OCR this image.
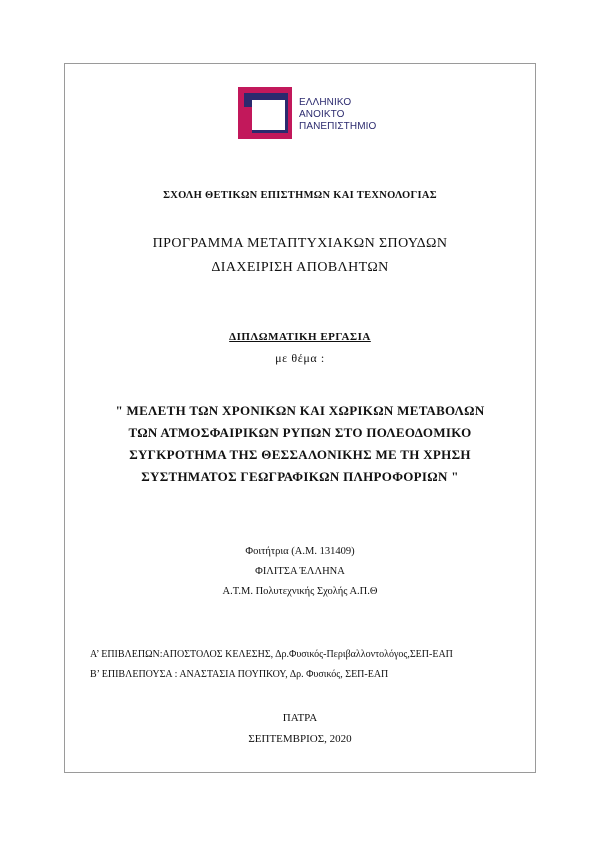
ΕΛΛΗΝΙΚΟ
ΑΝΟΙΚΤΟ
ΠΑΝΕΠΙΣΤΗΜΙΟ
ΣΧΟΛΗ ΘΕΤΙΚΩΝ ΕΠΙΣΤΗΜΩΝ ΚΑΙ ΤΕΧΝΟΛΟΓΙΑΣ
ΠΡΟΓΡΑΜΜΑ ΜΕΤΑΠΤΥΧΙΑΚΩΝ ΣΠΟΥΔΩΝ
ΔΙΑΧΕΙΡΙΣΗ ΑΠΟΒΛΗΤΩΝ
ΔΙΠΛΩΜΑΤΙΚΗ ΕΡΓΑΣΙΑ
με θέμα :
" ΜΕΛΕΤΗ ΤΩΝ ΧΡΟΝΙΚΩΝ ΚΑΙ ΧΩΡΙΚΩΝ ΜΕΤΑΒΟΛΩΝ
ΤΩΝ ΑΤΜΟΣΦΑΙΡΙΚΩΝ ΡΥΠΩΝ ΣΤΟ ΠΟΛΕΟΔΟΜΙΚΟ
ΣΥΓΚΡΟΤΗΜΑ ΤΗΣ ΘΕΣΣΑΛΟΝΙΚΗΣ ΜΕ ΤΗ ΧΡΗΣΗ
ΣΥΣΤΗΜΑΤΟΣ ΓΕΩΓΡΑΦΙΚΩΝ ΠΛΗΡΟΦΟΡΙΩΝ "
Φοιτήτρια (Α.Μ. 131409)
ΦΙΛΙΤΣΑ ΈΛΛΗΝΑ
Α.Τ.Μ. Πολυτεχνικής Σχολής Α.Π.Θ
Α’ ΕΠΙΒΛΕΠΩΝ:ΑΠΟΣΤΟΛΟΣ ΚΕΛΕΣΗΣ, Δρ.Φυσικός-Περιβαλλοντολόγος,ΣΕΠ-ΕΑΠ
Β’ ΕΠΙΒΛΕΠΟΥΣΑ : ΑΝΑΣΤΑΣΙΑ ΠΟΥΠΚΟΥ, Δρ. Φυσικός, ΣΕΠ-ΕΑΠ
ΠΑΤΡΑ
ΣΕΠΤΕΜΒΡΙΟΣ, 2020
